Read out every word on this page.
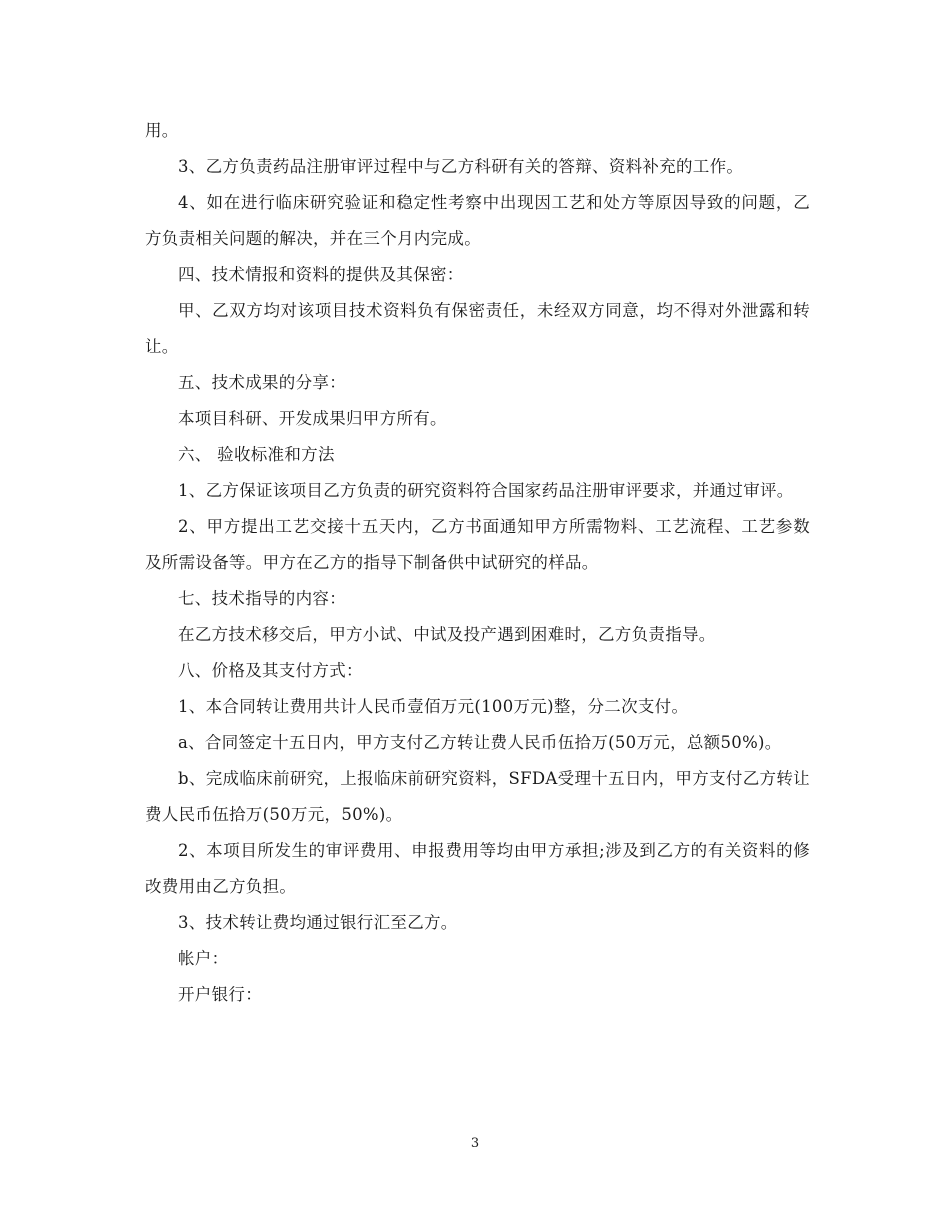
用。

3、乙方负责药品注册审评过程中与乙方科研有关的答辩、资料补充的工作。

4、如在进行临床研究验证和稳定性考察中出现因工艺和处方等原因导致的问题，乙方负责相关问题的解决，并在三个月内完成。

四、技术情报和资料的提供及其保密：

甲、乙双方均对该项目技术资料负有保密责任，未经双方同意，均不得对外泄露和转让。

五、技术成果的分享：

本项目科研、开发成果归甲方所有。

六、 验收标准和方法

1、乙方保证该项目乙方负责的研究资料符合国家药品注册审评要求，并通过审评。

2、甲方提出工艺交接十五天内，乙方书面通知甲方所需物料、工艺流程、工艺参数及所需设备等。甲方在乙方的指导下制备供中试研究的样品。

七、技术指导的内容：

在乙方技术移交后，甲方小试、中试及投产遇到困难时，乙方负责指导。

八、价格及其支付方式：

1、本合同转让费用共计人民币壹佰万元(100万元)整，分二次支付。

a、合同签定十五日内，甲方支付乙方转让费人民币伍拾万(50万元，总额50%)。

b、完成临床前研究，上报临床前研究资料，SFDA受理十五日内，甲方支付乙方转让费人民币伍拾万(50万元，50%)。

2、本项目所发生的审评费用、申报费用等均由甲方承担;涉及到乙方的有关资料的修改费用由乙方负担。

3、技术转让费均通过银行汇至乙方。

帐户：

开户银行：

3
